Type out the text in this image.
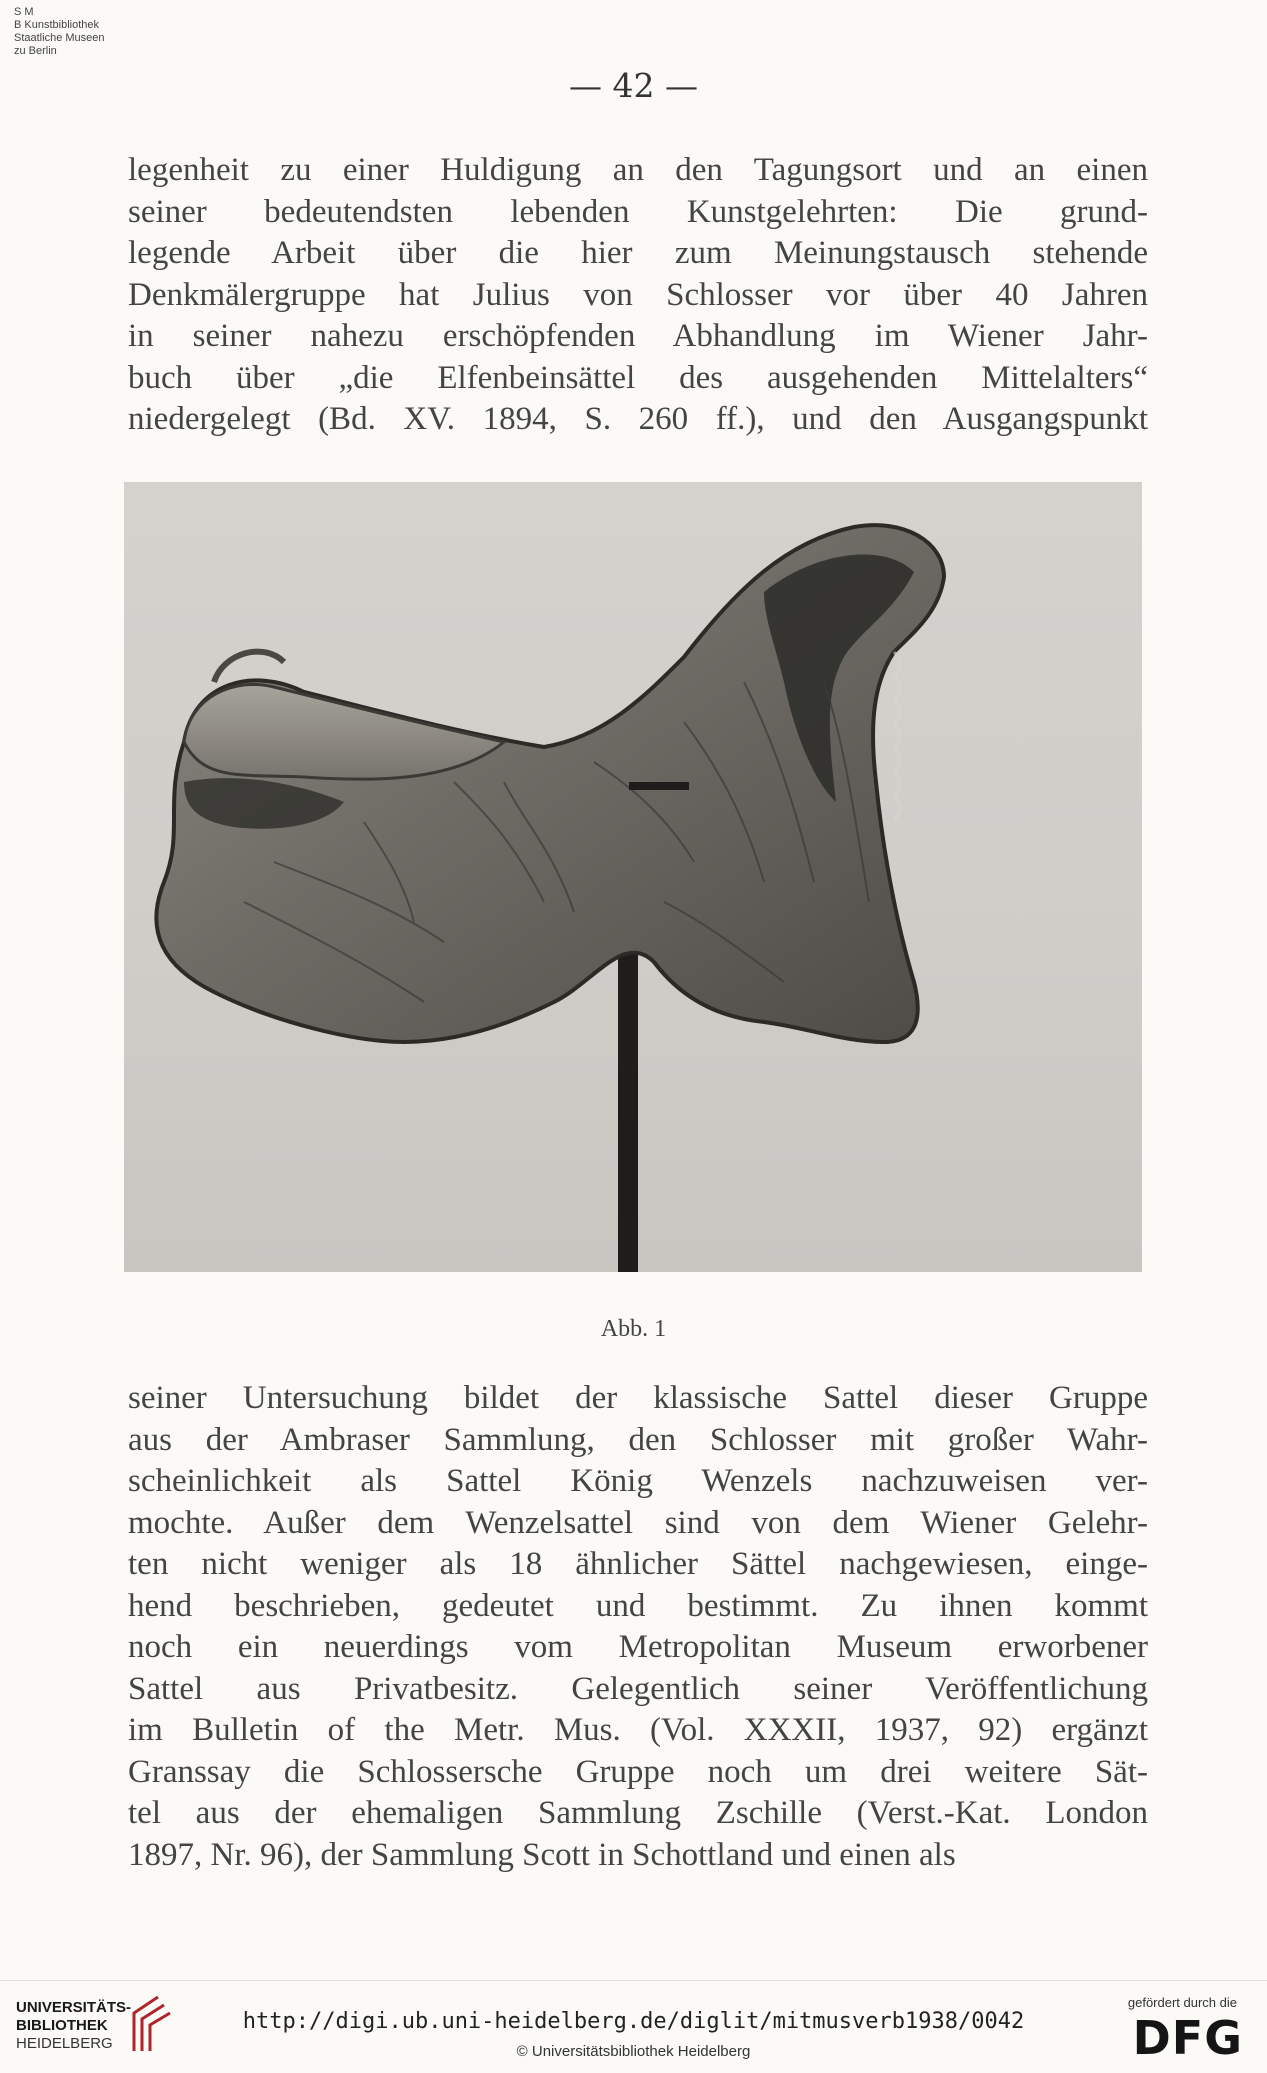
S M
B Kunstbibliothek
Staatliche Museen
zu Berlin
— 42 —

legenheit zu einer Huldigung an den Tagungsort und an einen
seiner bedeutendsten lebenden Kunstgelehrten: Die grund-
legende Arbeit über die hier zum Meinungstausch stehende
Denkmälergruppe hat Julius von Schlosser vor über 40 Jahren
in seiner nahezu erschöpfenden Abhandlung im Wiener Jahr-
buch über „die Elfenbeinsättel des ausgehenden Mittelalters“
niedergelegt (Bd. XV. 1894, S. 260 ff.), und den Ausgangspunkt

Abb. 1

seiner Untersuchung bildet der klassische Sattel dieser Gruppe
aus der Ambraser Sammlung, den Schlosser mit großer Wahr-
scheinlichkeit als Sattel König Wenzels nachzuweisen ver-
mochte. Außer dem Wenzelsattel sind von dem Wiener Gelehr-
ten nicht weniger als 18 ähnlicher Sättel nachgewiesen, einge-
hend beschrieben, gedeutet und bestimmt. Zu ihnen kommt
noch ein neuerdings vom Metropolitan Museum erworbener
Sattel aus Privatbesitz. Gelegentlich seiner Veröffentlichung
im Bulletin of the Metr. Mus. (Vol. XXXII, 1937, 92) ergänzt
Granssay die Schlossersche Gruppe noch um drei weitere Sät-
tel aus der ehemaligen Sammlung Zschille (Verst.-Kat. London
1897, Nr. 96), der Sammlung Scott in Schottland und einen als

UNIVERSITÄTS-
BIBLIOTHEK
HEIDELBERG
http://digi.ub.uni-heidelberg.de/diglit/mitmusverb1938/0042
© Universitätsbibliothek Heidelberg
gefördert durch die
DFG
